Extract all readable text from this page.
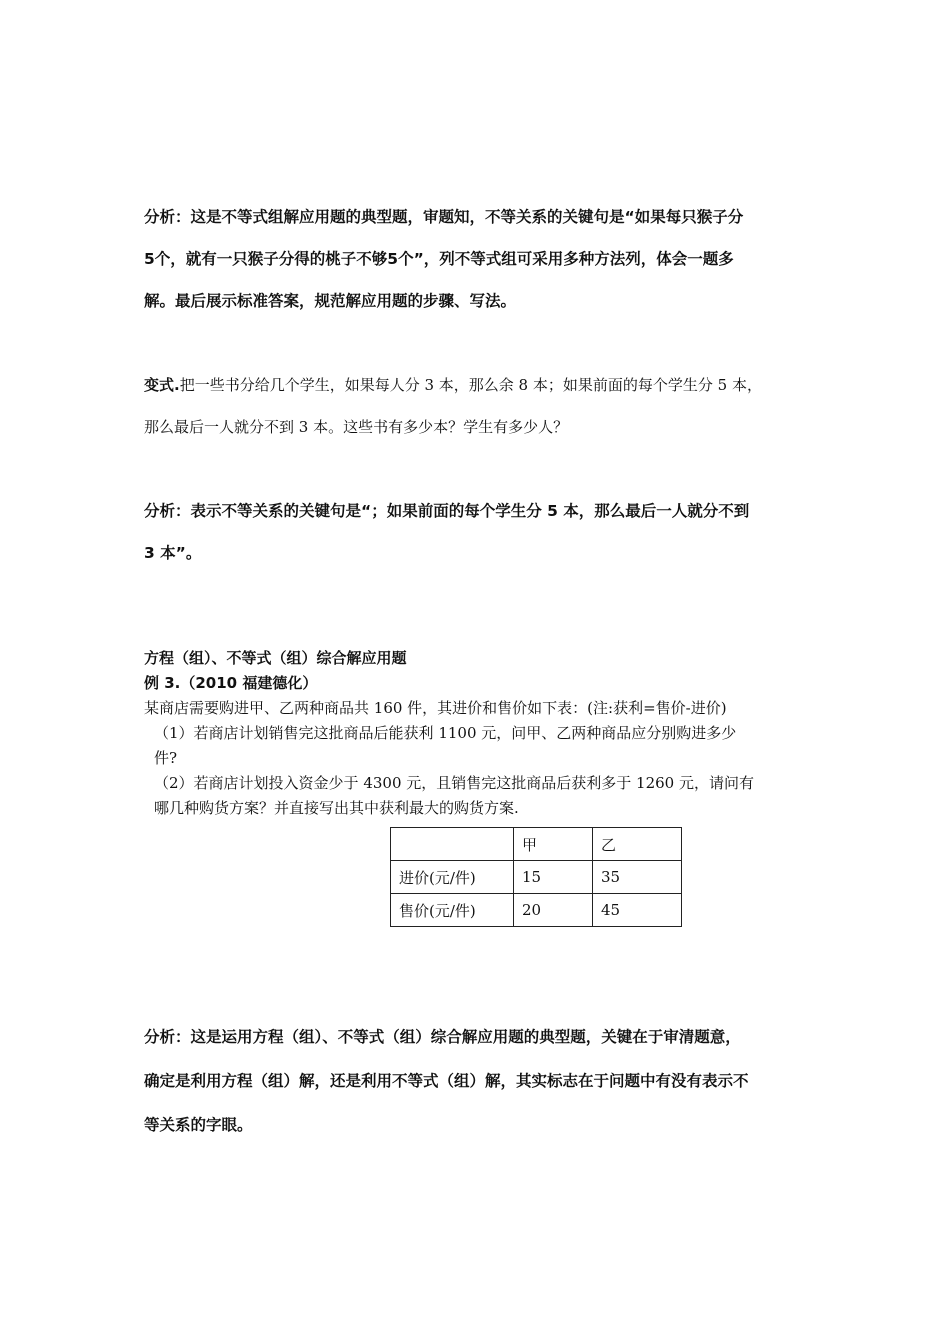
分析：这是不等式组解应用题的典型题，审题知，不等关系的关键句是“如果每只猴子分
5个，就有一只猴子分得的桃子不够5个”，列不等式组可采用多种方法列，体会一题多
解。最后展示标准答案，规范解应用题的步骤、写法。
变式.把一些书分给几个学生，如果每人分 3 本，那么余 8 本；如果前面的每个学生分 5 本，
那么最后一人就分不到 3 本。这些书有多少本？学生有多少人？
分析：表示不等关系的关键句是“；如果前面的每个学生分 5 本，那么最后一人就分不到
3 本”。
方程（组）、不等式（组）综合解应用题
例 3.（2010 福建德化）
某商店需要购进甲、乙两种商品共 160 件，其进价和售价如下表：(注:获利=售价-进价)
（1）若商店计划销售完这批商品后能获利 1100 元，问甲、乙两种商品应分别购进多少
件?
（2）若商店计划投入资金少于 4300 元，且销售完这批商品后获利多于 1260 元，请问有
哪几种购货方案？并直接写出其中获利最大的购货方案.
	甲	乙
进价(元/件)	15	35
售价(元/件)	20	45
分析：这是运用方程（组）、不等式（组）综合解应用题的典型题，关键在于审清题意，
确定是利用方程（组）解，还是利用不等式（组）解，其实标志在于问题中有没有表示不
等关系的字眼。
